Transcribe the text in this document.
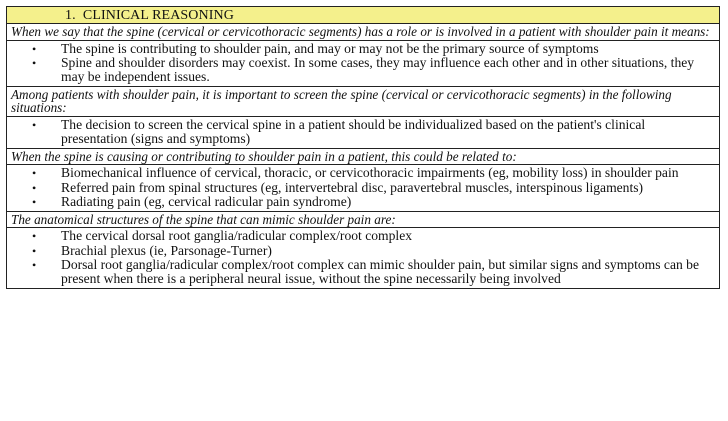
1. CLINICAL REASONING
When we say that the spine (cervical or cervicothoracic segments) has a role or is involved in a patient with shoulder pain it means:
• The spine is contributing to shoulder pain, and may or may not be the primary source of symptoms
• Spine and shoulder disorders may coexist. In some cases, they may influence each other and in other situations, they may be independent issues.
Among patients with shoulder pain, it is important to screen the spine (cervical or cervicothoracic segments) in the following situations:
• The decision to screen the cervical spine in a patient should be individualized based on the patient's clinical presentation (signs and symptoms)
When the spine is causing or contributing to shoulder pain in a patient, this could be related to:
• Biomechanical influence of cervical, thoracic, or cervicothoracic impairments (eg, mobility loss) in shoulder pain
• Referred pain from spinal structures (eg, intervertebral disc, paravertebral muscles, interspinous ligaments)
• Radiating pain (eg, cervical radicular pain syndrome)
The anatomical structures of the spine that can mimic shoulder pain are:
• The cervical dorsal root ganglia/radicular complex/root complex
• Brachial plexus (ie, Parsonage-Turner)
• Dorsal root ganglia/radicular complex/root complex can mimic shoulder pain, but similar signs and symptoms can be present when there is a peripheral neural issue, without the spine necessarily being involved
